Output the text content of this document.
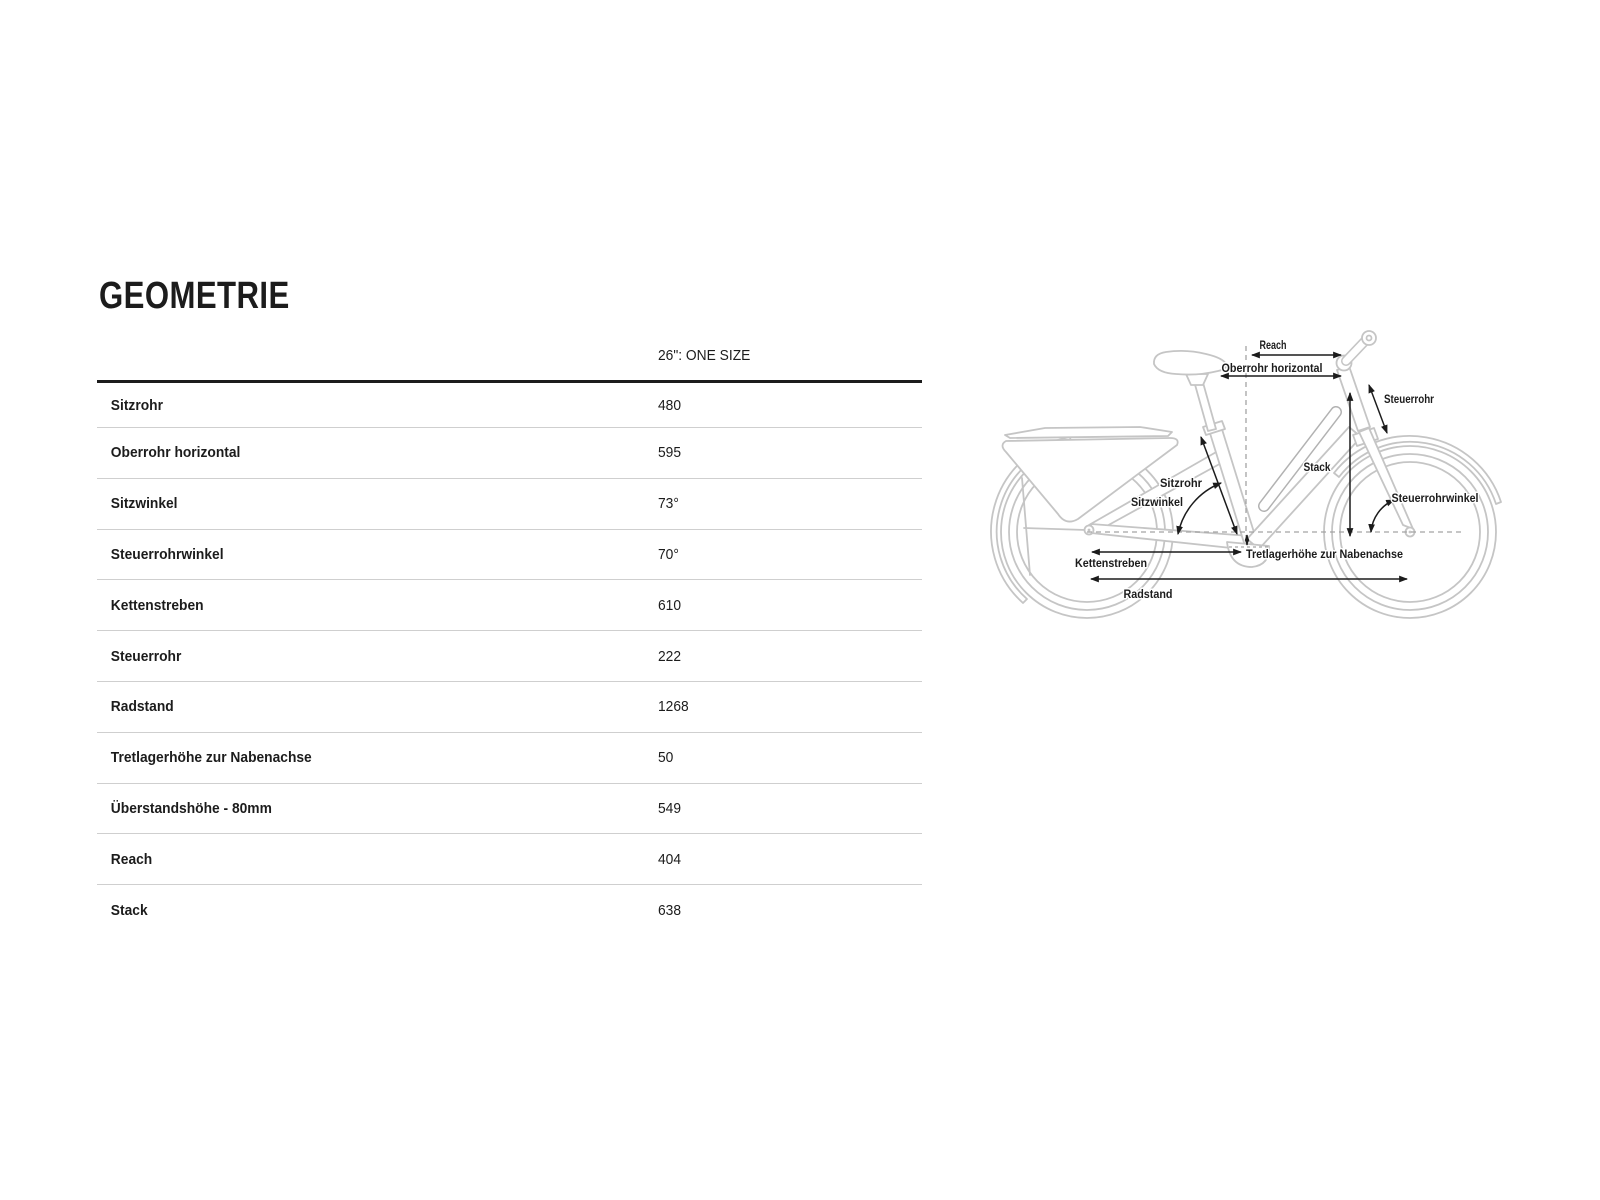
GEOMETRIE
26": ONE SIZE
Sitzrohr	480
Oberrohr horizontal	595
Sitzwinkel	73°
Steuerrohrwinkel	70°
Kettenstreben	610
Steuerrohr	222
Radstand	1268
Tretlagerhöhe zur Nabenachse	50
Überstandshöhe - 80mm	549
Reach	404
Stack	638
Reach
Oberrohr horizontal
Steuerrohr
Stack
Sitzrohr
Sitzwinkel	Steuerrohrwinkel
Kettenstreben
Tretlagerhöhe zur Nabenachse
Radstand
